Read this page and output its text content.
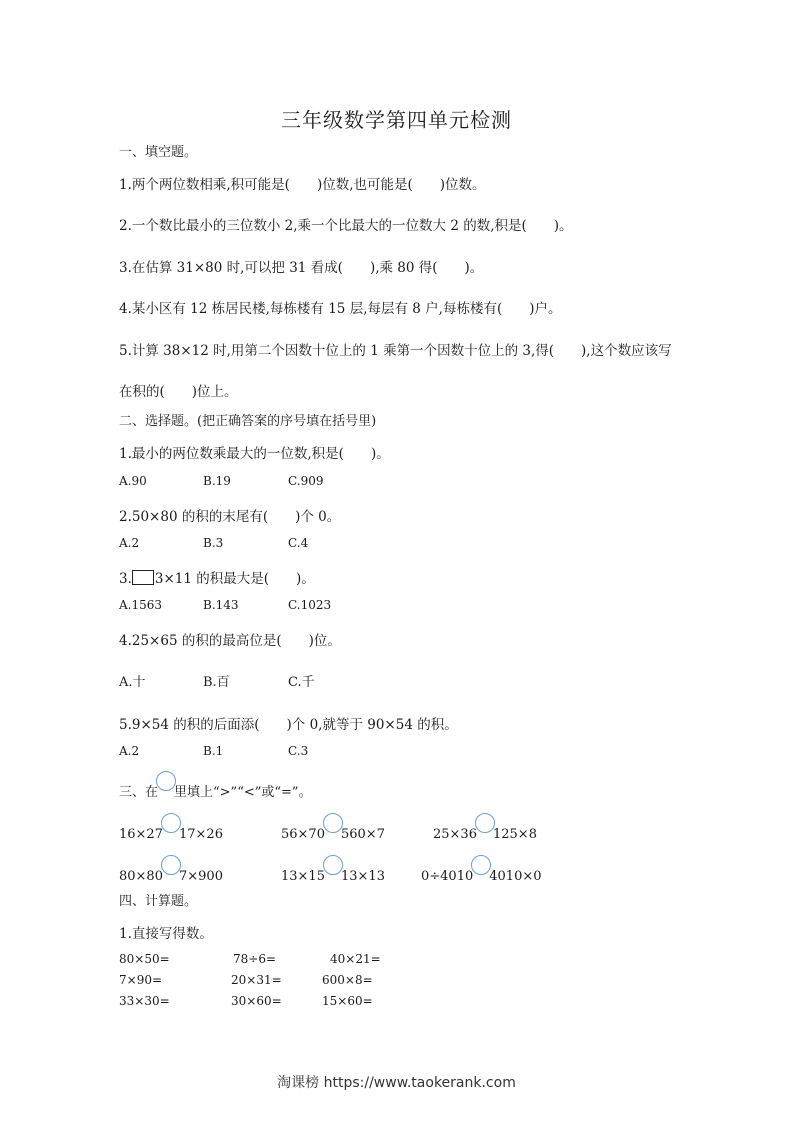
三年级数学第四单元检测
一、填空题。
1.两个两位数相乘,积可能是(　　)位数,也可能是(　　)位数。
2.一个数比最小的三位数小 2,乘一个比最大的一位数大 2 的数,积是(　　)。
3.在估算 31×80 时,可以把 31 看成(　　),乘 80 得(　　)。
4.某小区有 12 栋居民楼,每栋楼有 15 层,每层有 8 户,每栋楼有(　　)户。
5.计算 38×12 时,用第二个因数十位上的 1 乘第一个因数十位上的 3,得(　　),这个数应该写
在积的(　　)位上。
二、选择题。(把正确答案的序号填在括号里)
1.最小的两位数乘最大的一位数,积是(　　)。
A.90	B.19	C.909
2.50×80 的积的末尾有(　　)个 0。
A.2	B.3	C.4
3. 3×11 的积最大是(　　)。
A.1563	B.143	C.1023
4.25×65 的积的最高位是(　　)位。
A.十	B.百	C.千
5.9×54 的积的后面添(　　)个 0,就等于 90×54 的积。
A.2	B.1	C.3
三、在 里填上“>”“<”或“=”。
16×27 17×26	56×70 560×7	25×36 125×8
80×80 7×900	13×15 13×13	0÷4010 4010×0
四、计算题。
1.直接写得数。
80×50=	78÷6=	40×21=
7×90=	20×31=	600×8=
33×30=	30×60=	15×60=
淘课榜 https://www.taokerank.com
